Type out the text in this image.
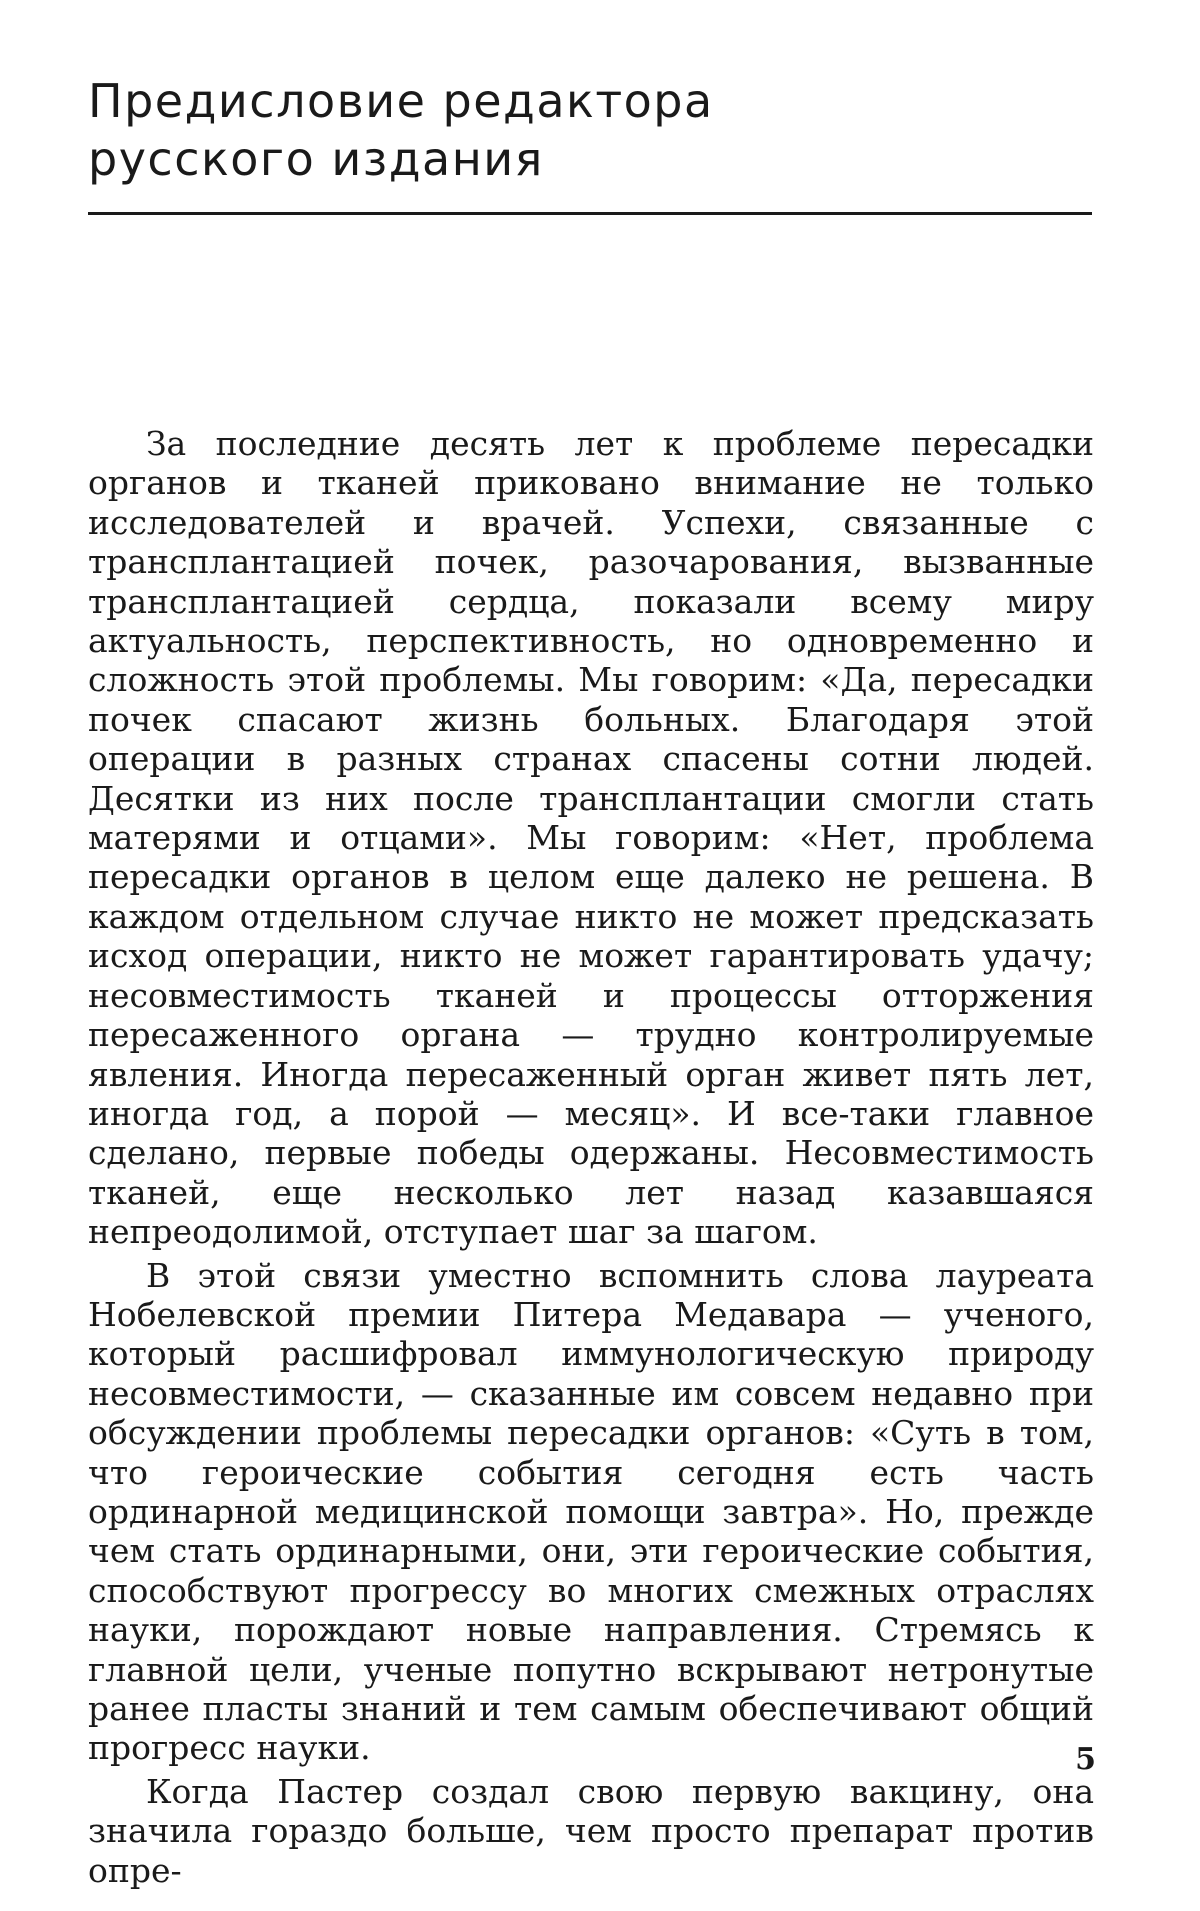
Предисловие редактора
русского издания

За последние десять лет к проблеме пересадки органов и тканей приковано внимание не только исследователей и врачей. Успехи, связанные с трансплантацией почек, разочарования, вызванные трансплантацией сердца, показали всему миру актуальность, перспективность, но одновременно и сложность этой проблемы. Мы говорим: «Да, пересадки почек спасают жизнь больных. Благодаря этой операции в разных странах спасены сотни людей. Десятки из них после трансплантации смогли стать матерями и отцами». Мы говорим: «Нет, проблема пересадки органов в целом еще далеко не решена. В каждом отдельном случае никто не может предсказать исход операции, никто не может гарантировать удачу; несовместимость тканей и процессы отторжения пересаженного органа — трудно контролируемые явления. Иногда пересаженный орган живет пять лет, иногда год, а порой — месяц». И все-таки главное сделано, первые победы одержаны. Несовместимость тканей, еще несколько лет назад казавшаяся непреодолимой, отступает шаг за шагом.

В этой связи уместно вспомнить слова лауреата Нобелевской премии Питера Медавара — ученого, который расшифровал иммунологическую природу несовместимости, — сказанные им совсем недавно при обсуждении проблемы пересадки органов: «Суть в том, что героические события сегодня есть часть ординарной медицинской помощи завтра». Но, прежде чем стать ординарными, они, эти героические события, способствуют прогрессу во многих смежных отраслях науки, порождают новые направления. Стремясь к главной цели, ученые попутно вскрывают нетронутые ранее пласты знаний и тем самым обеспечивают общий прогресс науки.

Когда Пастер создал свою первую вакцину, она значила гораздо больше, чем просто препарат против опре-

5
